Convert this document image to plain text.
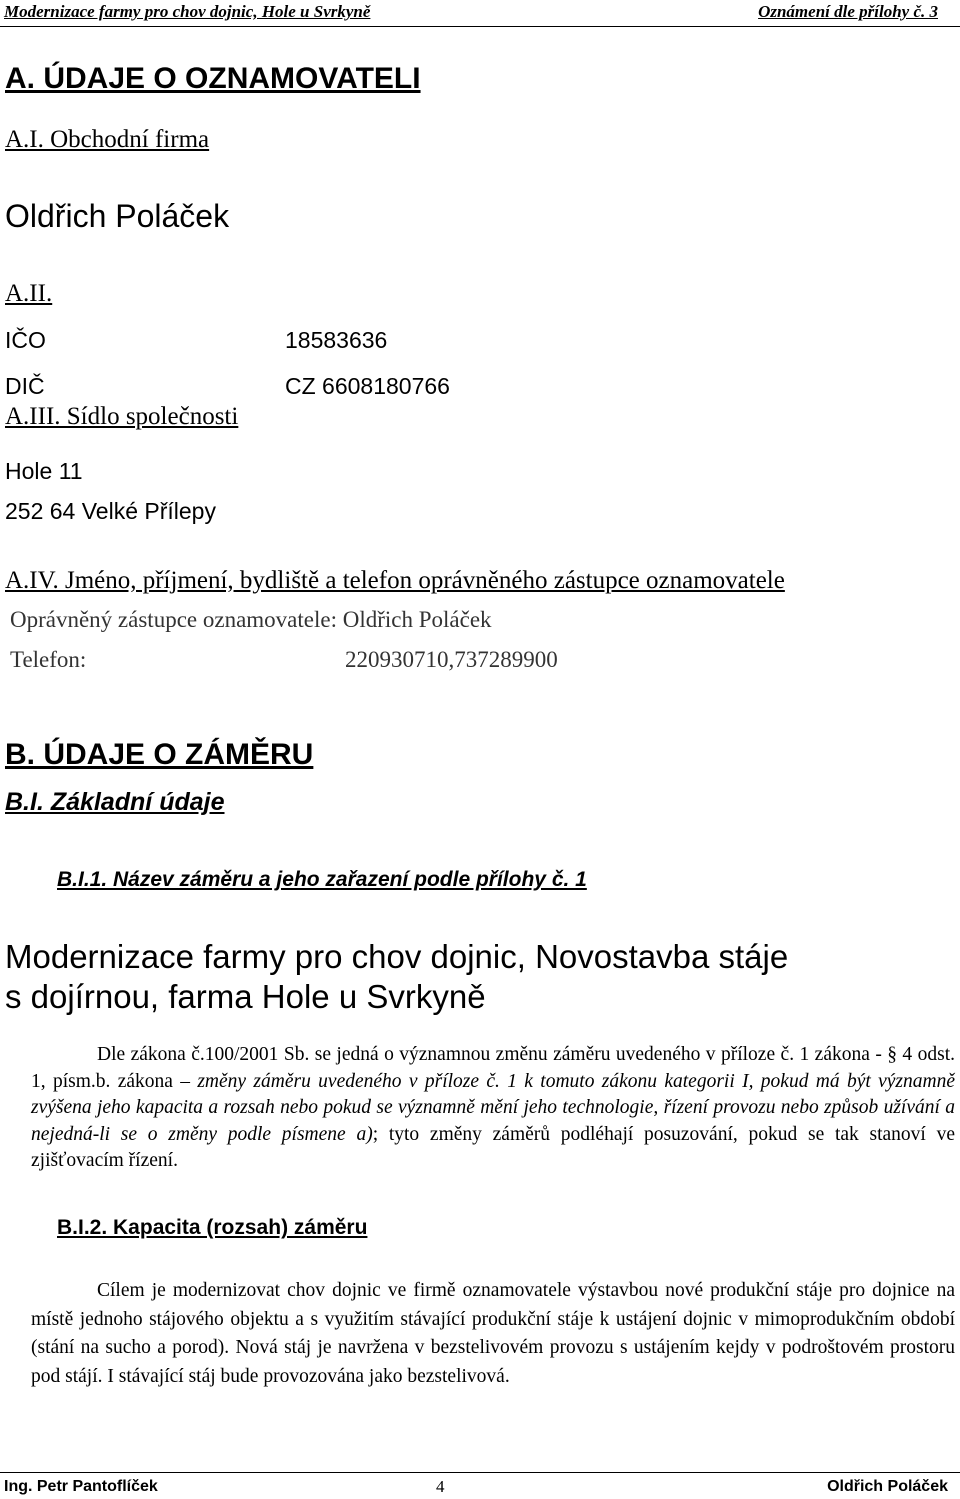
Modernizace farmy pro chov dojnic, Hole u Svrkyně	Oznámení dle přílohy č. 3
A. ÚDAJE O OZNAMOVATELI
A.I. Obchodní firma
Oldřich Poláček
A.II.
IČO	18583636
DIČ	CZ 6608180766
A.III. Sídlo společnosti
Hole 11
252 64 Velké Přílepy
A.IV. Jméno, příjmení, bydliště a telefon oprávněného zástupce oznamovatele
Oprávněný zástupce oznamovatele: Oldřich Poláček
Telefon:	220930710,737289900
B. ÚDAJE O ZÁMĚRU
B.I. Základní údaje
B.I.1. Název záměru a jeho zařazení podle přílohy č. 1
Modernizace farmy pro chov dojnic, Novostavba stáje
s dojírnou, farma Hole u Svrkyně
Dle zákona č.100/2001 Sb. se jedná o významnou změnu záměru uvedeného v příloze č. 1 zákona - § 4 odst. 1, písm.b. zákona – změny záměru uvedeného v příloze č. 1 k tomuto zákonu kategorii I, pokud má být významně zvýšena jeho kapacita a rozsah nebo pokud se významně mění jeho technologie, řízení provozu nebo způsob užívání a nejedná-li se o změny podle písmene a); tyto změny záměrů podléhají posuzování, pokud se tak stanoví ve zjišťovacím řízení.
B.I.2. Kapacita (rozsah) záměru
Cílem je modernizovat chov dojnic ve firmě oznamovatele výstavbou nové produkční stáje pro dojnice na místě jednoho stájového objektu a s využitím stávající produkční stáje k ustájení dojnic v mimoprodukčním období (stání na sucho a porod). Nová stáj je navržena v bezstelivovém provozu s ustájením kejdy v podroštovém prostoru pod stájí. I stávající stáj bude provozována jako bezstelivová.
Ing. Petr Pantoflíček	4	Oldřich Poláček
